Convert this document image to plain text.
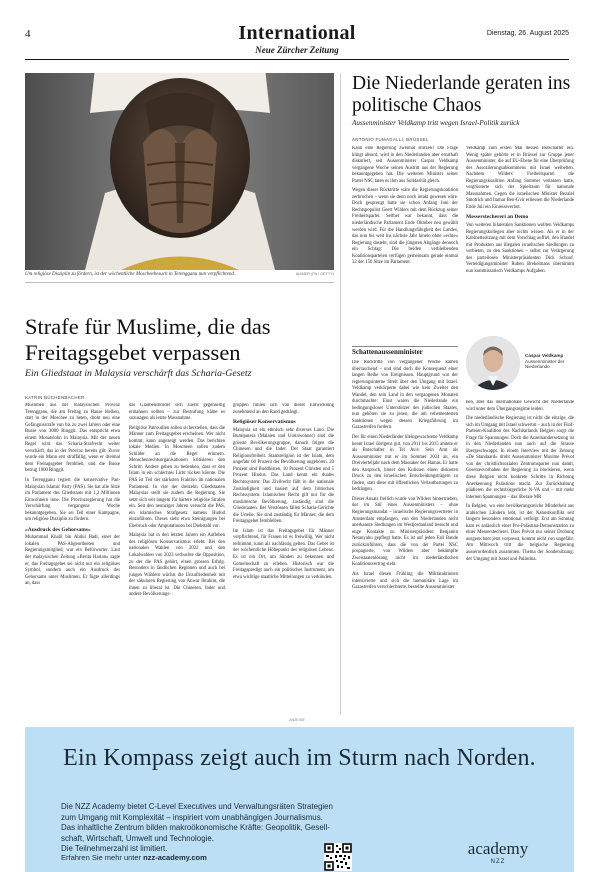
4	International
Neue Zürcher Zeitung
Dienstag, 26. August 2025
Um religiöse Disziplin zu fördern, ist der wöchentliche Moscheebesuch in Terengganu nun verpflichtend.	AMMER (PA / GETTY)
Strafe für Muslime, die das Freitagsgebet verpassen
Ein Gliedstaat in Malaysia verschärft das Scharia-Gesetz
KATRIN BÜCHENBACHER

Muslimen aus der malaysischen Provinz Terengganu, die am Freitag zu Hause bleiben, statt in der Moschee zu beten, droht neu eine Gefängnisstrafe von bis zu zwei Jahren oder eine Busse von 3000 Ringgit. Das entspricht etwa einem Monatslohn in Malaysia. Mit der neuen Regel wird das Scharia-Strafrecht weiter verschärft, das in der Provinz bereits gilt. Zuvor wurde ein Mann erst straffällig, wenn er dreimal dem Freitagsgebet fernblieb, und die Busse betrug 1000 Ringgit.

In Terengganu regiert die konservative Pan-Malaysian Islamic Party (PAS). Sie hat alle Sitze im Parlament des Gliedstaats mit 1,2 Millionen Einwohnern inne. Die Provinzregierung hat die Verschärfung vergangene Woche bekanntgegeben. Sie sei Teil einer Kampagne, um religiöse Disziplin zu fördern.

«Ausdruck des Gehorsams»

Muhammad Khalil bin Abdul Hadi, einer der lokalen PAS-Abgeordneten und Regierungsmitglied, war ein Befürworter. Laut der malaysischen Zeitung «Berita Harian» sagte er, das Freitagsgebet sei nicht nur ein religiöses Symbol, sondern auch ein Ausdruck des Gehorsams unter Muslimen. Er fügte allerdings an, dass

das Glaubensbrüder sich zuerst gegenseitig ermahnen sollten – zur Bestrafung käme es sozusagen als letzte Massnahme.

Religiöse Patrouillen sollen sicherstellen, dass die Männer zum Freitagsgebet erscheinen. Wer nicht kommt, kann angezeigt werden. Das berichten lokale Medien. In Moscheen sollen zudem Schilder an die Regel erinnern. Menschenrechtsorganisationen kritisieren den Schritt. Andere gehen zu bedenken, dass er den Islam in ein schlechtes Licht rücken könnte. Die PAS ist Teil der stärksten Fraktion im nationalen Parlament. In vier der dreizehn Gliedstaaten Malaysias stellt sie zudem die Regierung. Sie setzt sich seit langem für härtere religiöse Strafen ein. Seit den neunziger Jahren versucht die PAS, ein islamisches Strafgesetz namens Hudud einzuführen. Dieses sieht etwa Steinigungen bei Ehebruch oder Amputationen bei Diebstahl vor.

Malaysia hat in den letzten Jahren ein Aufleben des religiösen Konservatismus erlebt. Bei den nationalen Wahlen von 2022 und den Lokalwahlen von 2023 verbuchte die Opposition, zu der die PAS gehört, einen grossen Erfolg. Besonders in ländlichen Regionen und auch bei jungen Wählern wächst die Unzufriedenheit mit der säkularen Regierung von Anwar Ibrahim, die ihnen zu liberal ist. Die Chinesen, Inder und andere Bevölkerungs-

gruppen fühlen sich von dieser Entwicklung zunehmend an den Rand gedrängt.

Religiöser Konservatismus

Malaysia ist ein ethnisch sehr diverses Land. Die Bumiputera (Malaien und Ureinwohner) sind die grösste Bevölkerungsgruppe, danach folgen die Chinesen und die Inder. Der Staat garantiert Religionsfreiheit. Staatsreligion ist der Islam, dem ungefähr 60 Prozent der Bevölkerung angehören. 20 Prozent sind Buddhisten, 10 Prozent Christen und 5 Prozent Hindus. Das Land kennt ein duales Rechtssystem: Das Zivilrecht fällt in die nationale Zuständigkeit und basiert auf dem britischen Rechtssystem. Islamisches Recht gilt nur für die muslimische Bevölkerung, zuständig sind die Gliedstaaten. Bei Verstössen fällen Scharia-Gerichte die Urteile. Sie sind zuständig für Männer, die dem Freitagsgebet fernbleiben.

Im Islam ist das Freitagsgebet für Männer verpflichtend, für Frauen ist es freiwillig. Wer nicht teilnimmt, kann als nachlässig gelten. Das Gebet ist der wöchentliche Höhepunkt des religiösen Lebens. Es ist ein Ort, um Sünden zu bekennen und Gemeinschaft zu erleben. Historisch war die Freitagspredigt auch ein politisches Instrument, um etwa wichtige staatliche Mitteilungen zu verkünden.

Die Niederlande geraten ins politische Chaos
Aussenminister Veldkamp tritt wegen Israel-Politik zurück
ANTONIO FUMAGALLI, BRÜSSEL

Kann eine Regierung zweimal stürzen? Die Frage klingt absurd, wird in den Niederlanden aber ernsthaft diskutiert, seit Aussenminister Caspar Veldkamp vergangene Woche seinen Austritt aus der Regierung bekanntgegeben hat. Die weiteren Minister seiner Partei NSC taten es ihm aus Solidarität gleich.

Wegen dieser Rücktritte wäre die Regierungskoalition zerbrochen – wenn sie denn noch intakt gewesen wäre. Doch gesprengt hatte sie schon Anfang Juni der Rechtspopulist Geert Wilders mit dem Rückzug seiner Freiheitspartei. Seither war bekannt, dass die niederländische Parlament Ende Oktober neu gewählt werden wird. Für die Handlungsfähigkeit des Landes, das nun bis weit ins nächste Jahr hinein ohne «echte» Regierung dasteht, sind die jüngsten Abgänge dennoch ein Schlag: Die beiden verbleibenden Koalitionsparteien verfügen gemeinsam gerade einmal 32 der 150 Sitze im Parlament.

Schattenaussenminister

Die Rücktritte von vergangener Woche kamen überraschend – und sind doch die Konsequenz einer langen Reihe von Ereignissen. Hauptgrund war der regierungsinterne Streit über den Umgang mit Israel. Veldkamp verkörperte dabei wie kein Zweiter den Wandel, den sein Land in den vergangenen Monaten durchmachte: Einst waren die Niederlande ein bedingungsloser Unterstützer des jüdischen Staates, nun gehören sie zu jenen, die am vehementesten Sanktionen wegen dessen Kriegsführung im Gazastreifen fordern.

Der für einen Niederländer kleingewachsene Veldkamp kennt Israel übrigens gut, von 2011 bis 2015 amtete er als Botschafter in Tel Aviv. Sein Amt als Aussenminister trat er im Sommer 2024 an, ein Dreivierteljahr nach dem Massaker der Hamas. Er hatte den Anspruch, hinter den Kulissen einen diskreten Druck zu den israelischen Entscheidungsträgern zu finden, statt diese mit öffentlichen Verlautbarungen zu bedrängen.

Dieser Ansatz freilich wurde von Wilders hintertrieben, der im Stil eines Aussenministers – ohne Regierungsmandat – israelische Regierungsvertreter in Amsterdam empfangen, von den Niederlanden nicht anerkannte Siedlungen im Westjordanland besucht und enge Kontakte zu Ministerpräsident Benjamin Netanyahu gepflegt hatte. Es ist auf jeden Fall Bande zurückzuführen, dass die von der Partei NSC propagierte, von Wilders aber bekämpfte Zweistaatenlösung nicht im niederländischen Koalitionsvertrag steht.

Als Israel diesen Frühling die Militäraktionen intensivierte und sich die humanitäre Lage im Gazastreifen verschlechterte, bestellte Aussenminister

Veldkamp zum ersten Mal dessen Botschafter ein. Wenig später gehörte er in Brüssel zur Gruppe jener Aussenminister, die auf EU-Ebene für eine Überprüfung des Assoziierungsabkommens mit Israel weibelten. Nachdem Wilders' Freiheitspartei die Regierungskoalition Anfang Sommer verlassen hatte, vergrösserte sich der Spielraum für nationale Massnahmen. Gegen die israelischen Minister Bezalel Smotrich und Itamar Ben-Gvir erliessen die Niederlande Ende Juli ein Einreiseverbot.

Messerstechereri an Demo

Von weiteren bilateralen Sanktionen wollten Veldkamps Regierungskollegen aber nichts wissen. Als er in der Kabinettssitzung mit dem Vorschlag auffiel, den Handel mit Produkten aus illegalen israelischen Siedlungen zu verbieten, zu den Sanktionen – selbst zur Verärgerung des parteilosen Ministerpräsidenten Dick Schoof. Verteidigungsminister Ruben Brekelmans übernimmt nun kommissarisch Veldkamps Aufgaben.

Caspar Veldkamp
Aussenminister der Niederlande

ben, aber das internationale Gewicht der Niederlande wird unter dem Übergangsregime leiden.

Die niederländische Regierung ist nicht die einzige, die sich im Umgang mit Israel schwertut – auch in der Fünf-Parteien-Koalition des Nachbarlands Belgien sorgt die Frage für Spannungen. Doch die Auseinandersetzung ist in den Niederlanden nun auch auf die Strasse übergeschwappt. In einem Interview mit der Zeitung «De Standaard» droht Aussenminister Maxime Prévot von der christlichsozialen Zentrumspartei nun damit, Gesetzesvorhaben der Regierung zu blockieren, wenn diese Belgien nicht konkrete Schritte in Richtung Anerkennung Palästinas macht. Zur Zurückhaltung plädieren die rechtsbürgerliche N-VA und – mit mehr internen Spannungen – das liberale MR.

In Belgien, wo eine bevölkerungsreiche Minderheit aus arabischen Ländern lebt, ist der Nahostkonflikt seit langem besonders emotional verfolgt. Erst am Sonntag kam es anlässlich einer Pro-Palästina-Demonstration zu einer Messerstecherei. Dass Prévot nur seiner Drohung ausgerechnet jetzt vorpresst, kommt nicht von ungefähr. Am Mittwoch tritt die belgische Regierung ausserordentlich zusammen. Thema der Sondersitzung: der Umgang mit Israel und Palästina.

ANZEIGE
Ein Kompass zeigt auch im Sturm nach Norden.
Die NZZ Academy bietet C-Level Executives und Verwaltungsräten Strategien
zum Umgang mit Komplexität – inspiriert vom unabhängigen Journalismus.
Das inhaltliche Zentrum bilden makroökonomische Kräfte: Geopolitik, Gesell-
schaft, Wirtschaft, Umwelt und Technologie.
Die Teilnehmerzahl ist limitiert.
Erfahren Sie mehr unter nzz-academy.com	academy
NZZ
